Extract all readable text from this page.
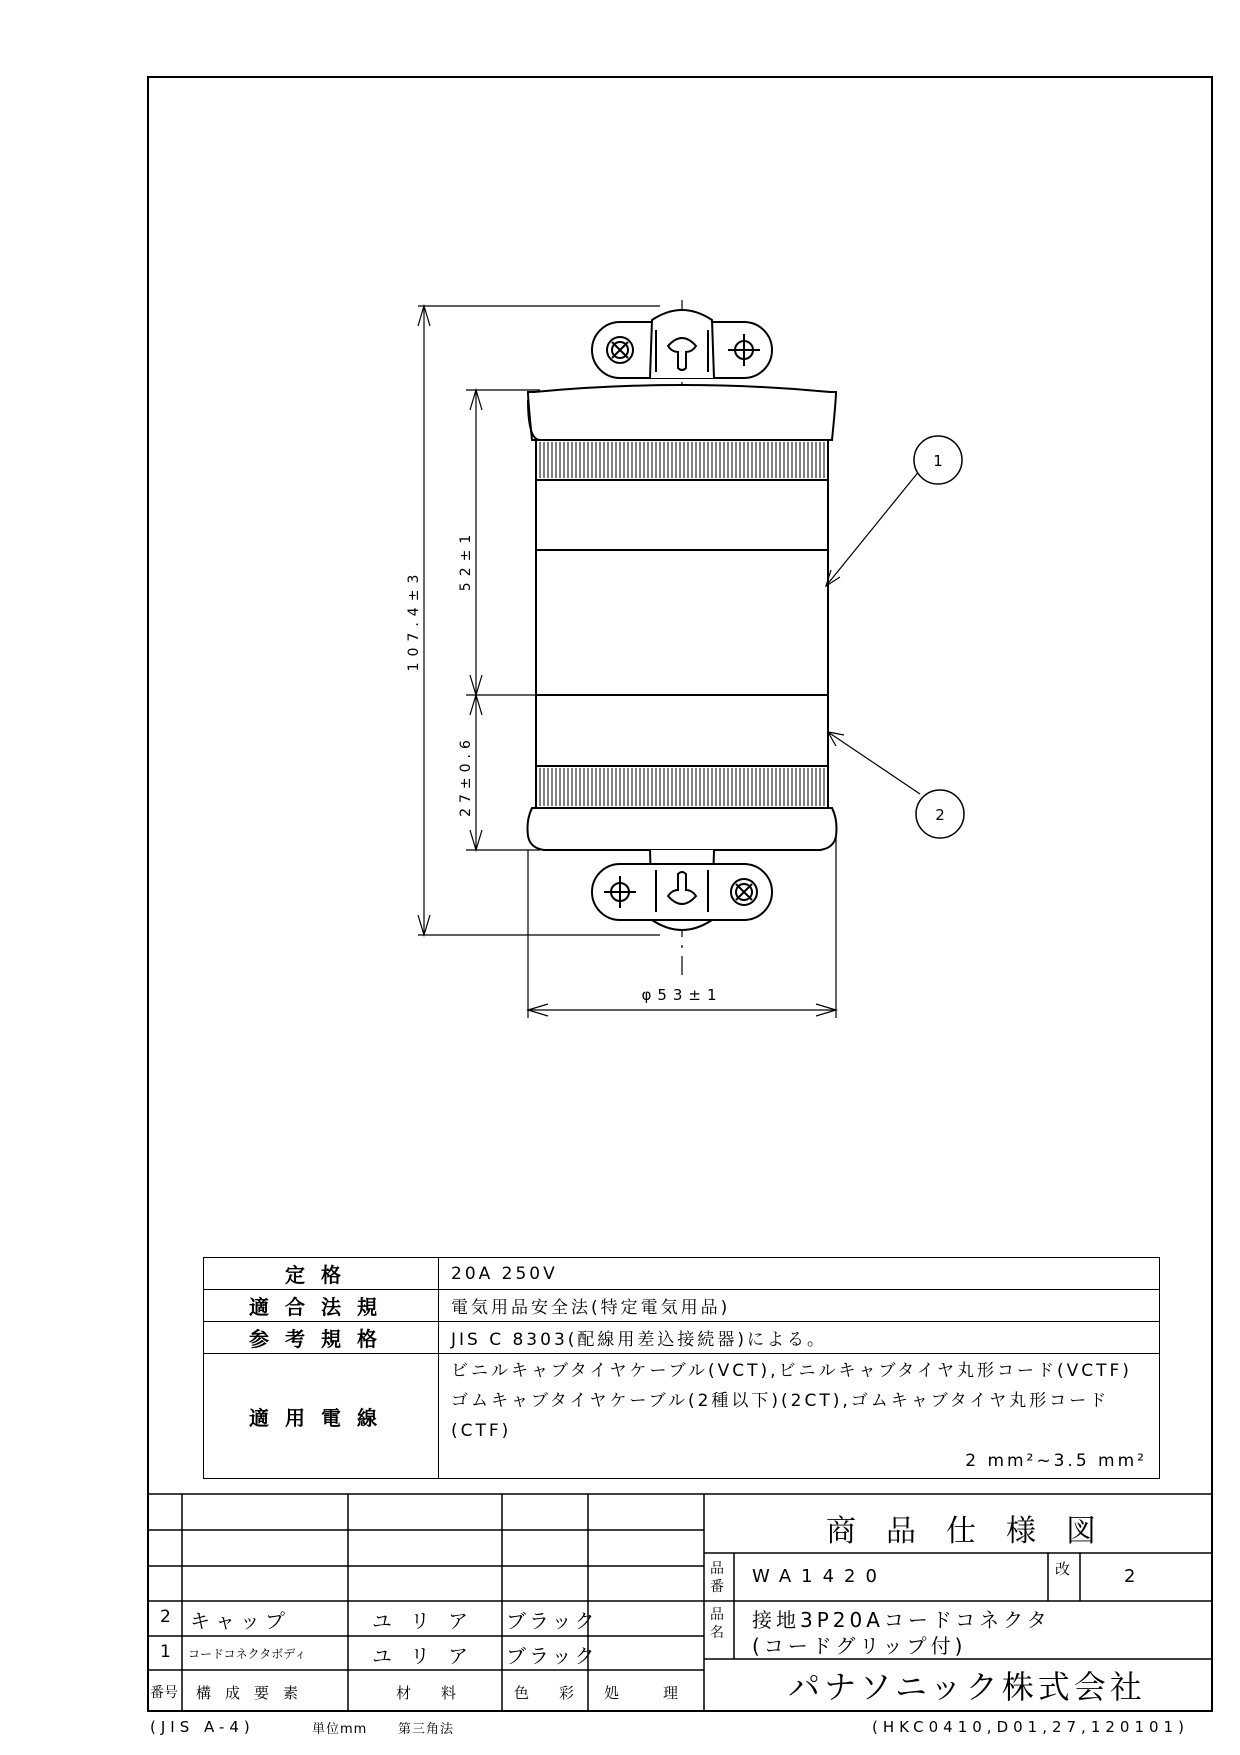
1
2
107.4±3
52±1
27±0.6
φ53±1
定格	20A 250V
適合法規	電気用品安全法(特定電気用品)
参考規格	JIS C 8303(配線用差込接続器)による。
適用電線	ビニルキャブタイヤケーブル(VCT),ビニルキャブタイヤ丸形コード(VCTF)
ゴムキャブタイヤケーブル(2種以下)(2CT),ゴムキャブタイヤ丸形コード(CTF)
2 mm²~3.5 mm²
商品仕様図
品番 WA1420	改	2
品名
接地3P20Aコードコネクタ
(コードグリップ付)
パナソニック株式会社
2 キャップ	ユリア ブラック
1 コードコネクタボディ	ユリア ブラック
番号 構成要素	材料 色彩 処理
(JIS A-4)	単位mm 第三角法	(HKC0410,D01,27,120101)
